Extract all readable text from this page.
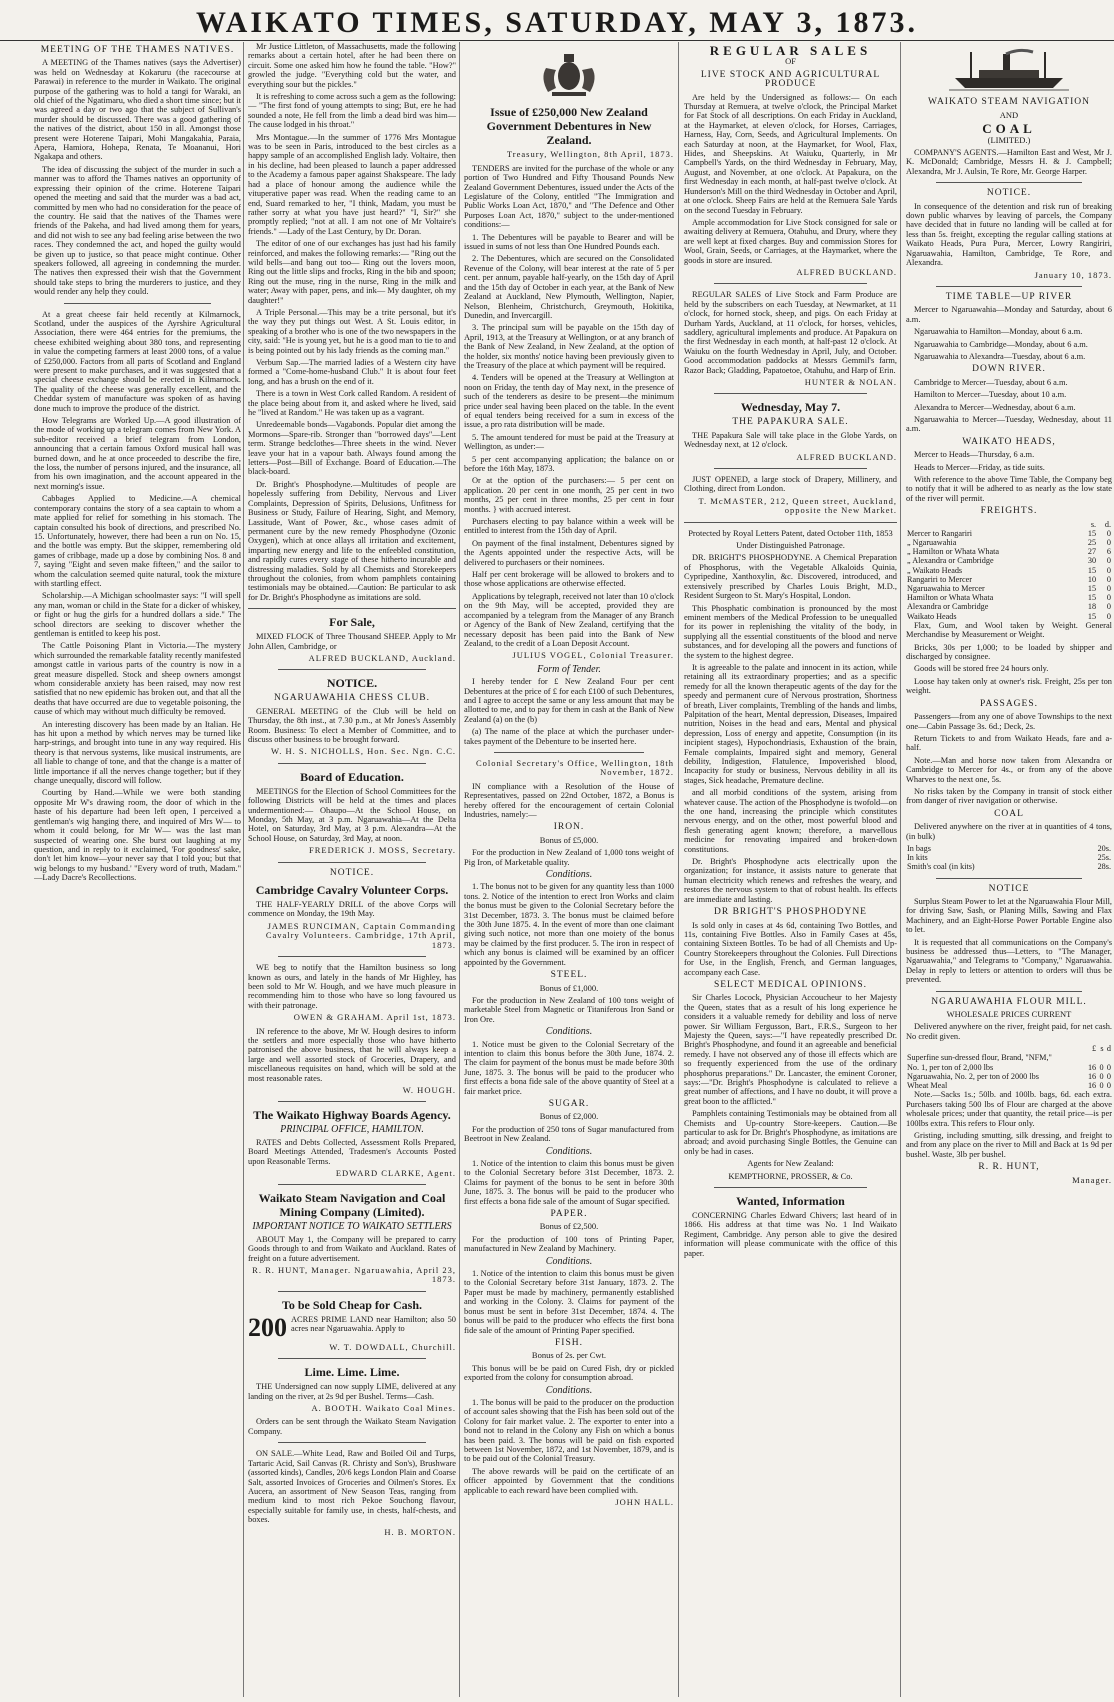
WAIKATO TIMES, SATURDAY, MAY 3, 1873.
MEETING OF THE THAMES NATIVES.

A MEETING of the Thames natives (says the Advertiser) was held on Wednesday at Kokaruru (the racecourse at Parawai) in reference to the murder in Waikato. The original purpose of the gathering was to hold a tangi for Waraki, an old chief of the Ngatimaru, who died a short time since; but it was agreed a day or two ago that the subject of Sullivan's murder should be discussed. There was a good gathering of the natives of the district, about 150 in all. Amongst those present were Hoterene Taipari, Mohi Mangakahia, Paraia, Apera, Hamiora, Hohepa, Renata, Te Moananui, Hori Ngakapa and others.

The idea of discussing the subject of the murder in such a manner was to afford the Thames natives an opportunity of expressing their opinion of the crime. Hoterene Taipari opened the meeting and said that the murder was a bad act, committed by men who had no consideration for the peace of the country. He said that the natives of the Thames were friends of the Pakeha, and had lived among them for years, and did not wish to see any bad feeling arise between the two races. They condemned the act, and hoped the guilty would be given up to justice, so that peace might continue. Other speakers followed, all agreeing in condemning the murder. The natives then expressed their wish that the Government should take steps to bring the murderers to justice, and they would render any help they could.

At a great cheese fair held recently at Kilmarnock, Scotland, under the auspices of the Ayrshire Agricultural Association, there were 464 entries for the premiums, the cheese exhibited weighing about 380 tons, and representing in value the competing farmers at least 2000 tons, of a value of £250,000. Factors from all parts of Scotland and England were present to make purchases, and it was suggested that a special cheese exchange should be erected in Kilmarnock. The quality of the cheese was generally excellent, and the Cheddar system of manufacture was spoken of as having done much to improve the produce of the district.

How Telegrams are Worked Up.—A good illustration of the mode of working up a telegram comes from New York. A sub-editor received a brief telegram from London, announcing that a certain famous Oxford musical hall was burned down, and he at once proceeded to describe the fire, the loss, the number of persons injured, and the insurance, all from his own imagination, and the account appeared in the next morning's issue.

Cabbages Applied to Medicine.—A chemical contemporary contains the story of a sea captain to whom a mate applied for relief for something in his stomach. The captain consulted his book of directions, and prescribed No. 15. Unfortunately, however, there had been a run on No. 15, and the bottle was empty. But the skipper, remembering old games of cribbage, made up a dose by combining Nos. 8 and 7, saying "Eight and seven make fifteen," and the sailor to whom the calculation seemed quite natural, took the mixture with startling effect.

Scholarship.—A Michigan schoolmaster says: "I will spell any man, woman or child in the State for a dicker of whiskey, or fight or hug the girls for a hundred dollars a side." The school directors are seeking to discover whether the gentleman is entitled to keep his post.

The Cattle Poisoning Plant in Victoria.—The mystery which surrounded the remarkable fatality recently manifested amongst cattle in various parts of the country is now in a great measure dispelled. Stock and sheep owners amongst whom considerable anxiety has been raised, may now rest satisfied that no new epidemic has broken out, and that all the deaths that have occurred are due to vegetable poisoning, the cause of which may without much difficulty be removed.

An interesting discovery has been made by an Italian. He has hit upon a method by which nerves may be turned like harp-strings, and brought into tune in any way required. His theory is that nervous systems, like musical instruments, are all liable to change of tone, and that the change is a matter of little importance if all the nerves change together; but if they change unequally, discord will follow.

Courting by Hand.—While we were both standing opposite Mr W's drawing room, the door of which in the haste of his departure had been left open, I perceived a gentleman's wig hanging there, and inquired of Mrs W— to whom it could belong, for Mr W— was the last man suspected of wearing one. She burst out laughing at my question, and in reply to it exclaimed, 'For goodness' sake, don't let him know—your never say that I told you; but that wig belongs to my husband.' "Every word of truth, Madam." —Lady Dacre's Recollections.

Mr Justice Littleton, of Massachusetts, made the following remarks about a certain hotel, after he had been there on circuit. Some one asked him how he found the table. "How?" growled the judge. "Everything cold but the water, and everything sour but the pickles."

It is refreshing to come across such a gem as the following:— "The first fond of young attempts to sing; But, ere he had sounded a note, He fell from the limb a dead bird was him— The cause lodged in his throat."

Mrs Montague.—In the summer of 1776 Mrs Montague was to be seen in Paris, introduced to the best circles as a happy sample of an accomplished English lady. Voltaire, then in his decline, had been pleased to launch a paper addressed to the Academy a famous paper against Shakspeare. The lady had a place of honour among the audience while the vituperative paper was read. When the reading came to an end, Suard remarked to her, "I think, Madam, you must be rather sorry at what you have just heard?" "I, Sir?" she promptly replied; "not at all. I am not one of Mr Voltaire's friends." —Lady of the Last Century, by Dr. Doran.

The editor of one of our exchanges has just had his family reinforced, and makes the following remarks:— "Ring out the wild bells—and bang out too— Ring out the lovers moon, Ring out the little slips and frocks, Ring in the bib and spoon; Ring out the muse, ring in the nurse, Ring in the milk and water; Away with paper, pens, and ink— My daughter, oh my daughter!"

A Triple Personal.—This may be a trite personal, but it's the way they put things out West. A St. Louis editor, in speaking of a brother who is one of the two newspapers in the city, said: "He is young yet, but he is a good man to tie to and is being pointed out by his lady friends as the coming man."

Verbum Sap.—The married ladies of a Western city have formed a "Come-home-husband Club." It is about four feet long, and has a brush on the end of it.

There is a town in West Cork called Random. A resident of the place being about from it, and asked where he lived, said he "lived at Random." He was taken up as a vagrant.

Unredeemable bonds—Vagabonds. Popular diet among the Mormons—Spare-rib. Stronger than "borrowed days"—Lent term. Strange bedclothes—Three sheets in the wind. Never leave your hat in a vapour bath. Always found among the letters—Post—Bill of Exchange. Board of Education.—The black-board.

Dr. Bright's Phosphodyne.—Multitudes of people are hopelessly suffering from Debility, Nervous and Liver Complaints, Depression of Spirits, Delusions, Unfitness for Business or Study, Failure of Hearing, Sight, and Memory, Lassitude, Want of Power, &c., whose cases admit of permanent cure by the new remedy Phosphodyne (Ozonic Oxygen), which at once allays all irritation and excitement, imparting new energy and life to the enfeebled constitution, and rapidly cures every stage of these hitherto incurable and distressing maladies. Sold by all Chemists and Storekeepers throughout the colonies, from whom pamphlets containing testimonials may be obtained.—Caution: Be particular to ask for Dr. Bright's Phosphodyne as imitations are sold.

For Sale,

MIXED FLOCK of Three Thousand SHEEP. Apply to Mr John Allen, Cambridge, or

ALFRED BUCKLAND, Auckland.
NOTICE.
NGARUAWAHIA CHESS CLUB.

GENERAL MEETING of the Club will be held on Thursday, the 8th inst., at 7.30 p.m., at Mr Jones's Assembly Room. Business: To elect a Member of Committee, and to discuss other business to be brought forward.

W. H. S. NICHOLLS, Hon. Sec. Ngn. C.C.
Board of Education.

MEETINGS for the Election of School Committees for the following Districts will be held at the times and places undermentioned:— Ohaupo—At the School House, on Monday, 5th May, at 3 p.m. Ngaruawahia—At the Delta Hotel, on Saturday, 3rd May, at 3 p.m. Alexandra—At the School House, on Saturday, 3rd May, at noon.

FREDERICK J. MOSS, Secretary.
NOTICE.
Cambridge Cavalry Volunteer Corps.

THE HALF-YEARLY DRILL of the above Corps will commence on Monday, the 19th May.

JAMES RUNCIMAN, Captain Commanding Cavalry Volunteers. Cambridge, 17th April, 1873.

WE beg to notify that the Hamilton business so long known as ours, and lately in the hands of Mr Highley, has been sold to Mr W. Hough, and we have much pleasure in recommending him to those who have so long favoured us with their patronage.

OWEN & GRAHAM. April 1st, 1873.

IN reference to the above, Mr W. Hough desires to inform the settlers and more especially those who have hitherto patronised the above business, that he will always keep a large and well assorted stock of Groceries, Drapery, and miscellaneous requisites on hand, which will be sold at the most reasonable rates.

W. HOUGH.
The Waikato Highway Boards Agency.
PRINCIPAL OFFICE, HAMILTON.

RATES and Debts Collected, Assessment Rolls Prepared, Board Meetings Attended, Tradesmen's Accounts Posted upon Reasonable Terms.

EDWARD CLARKE, Agent.
Waikato Steam Navigation and Coal Mining Company (Limited).
IMPORTANT NOTICE TO WAIKATO SETTLERS

ABOUT May 1, the Company will be prepared to carry Goods through to and from Waikato and Auckland. Rates of freight on a future advertisement.

R. R. HUNT, Manager. Ngaruawahia, April 23, 1873.
To be Sold Cheap for Cash.
200 ACRES PRIME LAND near Hamilton; also 50 acres near Ngaruawahia. Apply to
W. T. DOWDALL, Churchill.
Lime. Lime. Lime.

THE Undersigned can now supply LIME, delivered at any landing on the river, at 2s 9d per Bushel. Terms—Cash.

A. BOOTH. Waikato Coal Mines.

Orders can be sent through the Waikato Steam Navigation Company.

ON SALE.—White Lead, Raw and Boiled Oil and Turps, Tartaric Acid, Sail Canvas (R. Christy and Son's), Brushware (assorted kinds), Candles, 20/6 kegs London Plain and Coarse Salt, assorted Invoices of Groceries and Oilmen's Stores. Ex Aucera, an assortment of New Season Teas, ranging from medium kind to most rich Pekoe Souchong flavour, especially suitable for family use, in chests, half-chests, and boxes.

H. B. MORTON.
Issue of £250,000 New Zealand Government Debentures in New Zealand.
Treasury, Wellington, 8th April, 1873.

TENDERS are invited for the purchase of the whole or any portion of Two Hundred and Fifty Thousand Pounds New Zealand Government Debentures, issued under the Acts of the Legislature of the Colony, entitled "The Immigration and Public Works Loan Act, 1870," and "The Defence and Other Purposes Loan Act, 1870," subject to the under-mentioned conditions:—

1. The Debentures will be payable to Bearer and will be issued in sums of not less than One Hundred Pounds each.

2. The Debentures, which are secured on the Consolidated Revenue of the Colony, will bear interest at the rate of 5 per cent. per annum, payable half-yearly, on the 15th day of April and the 15th day of October in each year, at the Bank of New Zealand at Auckland, New Plymouth, Wellington, Napier, Nelson, Blenheim, Christchurch, Greymouth, Hokitika, Dunedin, and Invercargill.

3. The principal sum will be payable on the 15th day of April, 1913, at the Treasury at Wellington, or at any branch of the Bank of New Zealand, in New Zealand, at the option of the holder, six months' notice having been previously given to the Treasury of the place at which payment will be required.

4. Tenders will be opened at the Treasury at Wellington at noon on Friday, the tenth day of May next, in the presence of such of the tenderers as desire to be present—the minimum price under seal having been placed on the table. In the event of equal tenders being received for a sum in excess of the issue, a pro rata distribution will be made.

5. The amount tendered for must be paid at the Treasury at Wellington, as under:—

5 per cent accompanying application; the balance on or before the 16th May, 1873.

Or at the option of the purchasers:— 5 per cent on application. 20 per cent in one month, 25 per cent in two months, 25 per cent in three months, 25 per cent in four months. } with accrued interest.

Purchasers electing to pay balance within a week will be entitled to interest from the 15th day of April.

On payment of the final instalment, Debentures signed by the Agents appointed under the respective Acts, will be delivered to purchasers or their nominees.

Half per cent brokerage will be allowed to brokers and to those whose applications are otherwise effected.

Applications by telegraph, received not later than 10 o'clock on the 9th May, will be accepted, provided they are accompanied by a telegram from the Manager of any Branch or Agency of the Bank of New Zealand, certifying that the necessary deposit has been paid into the Bank of New Zealand, to the credit of a Loan Deposit Account.

JULIUS VOGEL, Colonial Treasurer.
Form of Tender.

I hereby tender for £ New Zealand Four per cent Debentures at the price of £ for each £100 of such Debentures, and I agree to accept the same or any less amount that may be allotted to me, and to pay for them in cash at the Bank of New Zealand (a) on the (b)

(a) The name of the place at which the purchaser under-takes payment of the Debenture to be inserted here.

Colonial Secretary's Office, Wellington, 18th November, 1872.

IN compliance with a Resolution of the House of Representatives, passed on 22nd October, 1872, a Bonus is hereby offered for the encouragement of certain Colonial Industries, namely:—

IRON.
Bonus of £5,000.

For the production in New Zealand of 1,000 tons weight of Pig Iron, of Marketable quality.

Conditions.

1. The bonus not to be given for any quantity less than 1000 tons. 2. Notice of the intention to erect Iron Works and claim the bonus must be given to the Colonial Secretary before the 31st December, 1873. 3. The bonus must be claimed before the 30th June 1875. 4. In the event of more than one claimant giving such notice, not more than one moiety of the bonus may be claimed by the first producer. 5. The iron in respect of which any bonus is claimed will be examined by an officer appointed by the Government.

STEEL.
Bonus of £1,000.

For the production in New Zealand of 100 tons weight of marketable Steel from Magnetic or Titaniferous Iron Sand or Iron Ore.

Conditions.

1. Notice must be given to the Colonial Secretary of the intention to claim this bonus before the 30th June, 1874. 2. The claim for payment of the bonus must be made before 30th June, 1875. 3. The bonus will be paid to the producer who first effects a bona fide sale of the above quantity of Steel at a fair market price.

SUGAR.
Bonus of £2,000.

For the production of 250 tons of Sugar manufactured from Beetroot in New Zealand.

Conditions.

1. Notice of the intention to claim this bonus must be given to the Colonial Secretary before 31st December, 1873. 2. Claims for payment of the bonus to be sent in before 30th June, 1875. 3. The bonus will be paid to the producer who first effects a bona fide sale of the amount of Sugar specified.

PAPER.
Bonus of £2,500.

For the production of 100 tons of Printing Paper, manufactured in New Zealand by Machinery.

Conditions.

1. Notice of the intention to claim this bonus must be given to the Colonial Secretary before 31st January, 1873. 2. The Paper must be made by machinery, permanently established and working in the Colony. 3. Claims for payment of the bonus must be sent in before 31st December, 1874. 4. The bonus will be paid to the producer who effects the first bona fide sale of the amount of Printing Paper specified.

FISH.
Bonus of 2s. per Cwt.

This bonus will be be paid on Cured Fish, dry or pickled exported from the colony for consumption abroad.

Conditions.

1. The bonus will be paid to the producer on the production of account sales showing that the Fish has been sold out of the Colony for fair market value. 2. The exporter to enter into a bond not to reland in the Colony any Fish on which a bonus has been paid. 3. The bonus will be paid on fish exported between 1st November, 1872, and 1st November, 1879, and is to be paid out of the Colonial Treasury.

The above rewards will be paid on the certificate of an officer appointed by Government that the conditions applicable to each reward have been complied with.

JOHN HALL.
REGULAR SALES
OF
LIVE STOCK AND AGRICULTURAL PRODUCE

Are held by the Undersigned as follows:— On each Thursday at Remuera, at twelve o'clock, the Principal Market for Fat Stock of all descriptions. On each Friday in Auckland, at the Haymarket, at eleven o'clock, for Horses, Carriages, Harness, Hay, Corn, Seeds, and Agricultural Implements. On each Saturday at noon, at the Haymarket, for Wool, Flax, Hides, and Sheepskins. At Waiuku, Quarterly, in Mr Campbell's Yards, on the third Wednesday in February, May, August, and November, at one o'clock. At Papakura, on the first Wednesday in each month, at half-past twelve o'clock. At Hunderson's Mill on the third Wednesday in October and April, at one o'clock. Sheep Fairs are held at the Remuera Sale Yards on the second Tuesday in February.

Ample accommodation for Live Stock consigned for sale or awaiting delivery at Remuera, Otahuhu, and Drury, where they are well kept at fixed charges. Buy and commission Stores for Wool, Grain, Seeds, or Carriages, at the Haymarket, where the goods in store are insured.

ALFRED BUCKLAND.

REGULAR SALES of Live Stock and Farm Produce are held by the subscribers on each Tuesday, at Newmarket, at 11 o'clock, for horned stock, sheep, and pigs. On each Friday at Durham Yards, Auckland, at 11 o'clock, for horses, vehicles, saddlery, agricultural implements and produce. At Papakura on the first Wednesday in each month, at half-past 12 o'clock. At Waiuku on the fourth Wednesday in April, July, and October. Good accommodation paddocks at Messrs Gemmil's farm, Razor Back; Gladding, Papatoetoe, Otahuhu, and Harp of Erin.

HUNTER & NOLAN.
Wednesday, May 7.
THE PAPAKURA SALE.

THE Papakura Sale will take place in the Globe Yards, on Wednesday next, at 12 o'clock.

ALFRED BUCKLAND.

JUST OPENED, a large stock of Drapery, Millinery, and Clothing, direct from London.

T. McMASTER, 212, Queen street, Auckland, opposite the New Market.
Protected by Royal Letters Patent, dated October 11th, 1853
Under Distinguished Patronage.

DR. BRIGHT'S PHOSPHODYNE. A Chemical Preparation of Phosphorus, with the Vegetable Alkaloids Quinia, Cypripedine, Xanthoxylin, &c. Discovered, introduced, and extensively prescribed by Charles Louis Bright, M.D., Resident Surgeon to St. Mary's Hospital, London.

This Phosphatic combination is pronounced by the most eminent members of the Medical Profession to be unequalled for its power in replenishing the vitality of the body, in supplying all the essential constituents of the blood and nerve substances, and for developing all the powers and functions of the system to the highest degree.

It is agreeable to the palate and innocent in its action, while retaining all its extraordinary properties; and as a specific remedy for all the known therapeutic agents of the day for the speedy and permanent cure of Nervous prostration, Shortness of breath, Liver complaints, Trembling of the hands and limbs, Palpitation of the heart, Mental depression, Diseases, Impaired nutrition, Noises in the head and ears, Mental and physical depression, Loss of energy and appetite, Consumption (in its incipient stages), Hypochondriasis, Exhaustion of the brain, Female complaints, Impaired sight and memory, General debility, Indigestion, Flatulence, Impoverished blood, Incapacity for study or business, Nervous debility in all its stages, Sick headache, Premature decline.

and all morbid conditions of the system, arising from whatever cause. The action of the Phosphodyne is twofold—on the one hand, increasing the principle which constitutes nervous energy, and on the other, most powerful blood and flesh generating agent known; therefore, a marvellous medicine for renovating impaired and broken-down constitutions.

Dr. Bright's Phosphodyne acts electrically upon the organization; for instance, it assists nature to generate that human electricity which renews and refreshes the weary, and restores the nervous system to that of robust health. Its effects are immediate and lasting.

DR BRIGHT'S PHOSPHODYNE

Is sold only in cases at 4s 6d, containing Two Bottles, and 11s, containing Five Bottles. Also in Family Cases at 45s, containing Sixteen Bottles. To be had of all Chemists and Up-Country Storekeepers throughout the Colonies. Full Directions for Use, in the English, French, and German languages, accompany each Case.

SELECT MEDICAL OPINIONS.

Sir Charles Locock, Physician Accoucheur to her Majesty the Queen, states that as a result of his long experience he considers it a valuable remedy for debility and loss of nerve power. Sir William Fergusson, Bart., F.R.S., Surgeon to her Majesty the Queen, says:—"I have repeatedly prescribed Dr. Bright's Phosphodyne, and found it an agreeable and beneficial remedy. I have not observed any of those ill effects which are so frequently experienced from the use of the ordinary phosphorus preparations." Dr. Lancaster, the eminent Coroner, says:—"Dr. Bright's Phosphodyne is calculated to relieve a great number of affections, and I have no doubt, it will prove a great boon to the afflicted."

Pamphlets containing Testimonials may be obtained from all Chemists and Up-country Store-keepers. Caution.—Be particular to ask for Dr. Bright's Phosphodyne, as imitations are abroad; and avoid purchasing Single Bottles, the Genuine can only be had in cases.

Agents for New Zealand:
KEMPTHORNE, PROSSER, & Co.
Wanted, Information

CONCERNING Charles Edward Chivers; last heard of in 1866. His address at that time was No. 1 Ind Waikato Regiment, Cambridge. Any person able to give the desired information will please communicate with the office of this paper.

WAIKATO STEAM NAVIGATION
AND
COAL
(LIMITED.)

COMPANY'S AGENTS.—Hamilton East and West, Mr J. K. McDonald; Cambridge, Messrs H. & J. Campbell; Alexandra, Mr J. Aulsin, Te Rore, Mr. George Harper.

NOTICE.

In consequence of the detention and risk run of breaking down public wharves by leaving of parcels, the Company have decided that in future no landing will be called at for less than 5s. freight, excepting the regular calling stations at Waikato Heads, Pura Pura, Mercer, Lowry Rangiriri, Ngaruawahia, Hamilton, Cambridge, Te Rore, and Alexandra.

January 10, 1873.
TIME TABLE—UP RIVER

Mercer to Ngaruawahia—Monday and Saturday, about 6 a.m.

Ngaruawahia to Hamilton—Monday, about 6 a.m.

Ngaruawahia to Cambridge—Monday, about 6 a.m.

Ngaruawahia to Alexandra—Tuesday, about 6 a.m.

DOWN RIVER.

Cambridge to Mercer—Tuesday, about 6 a.m.

Hamilton to Mercer—Tuesday, about 10 a.m.

Alexandra to Mercer—Wednesday, about 6 a.m.

Ngaruawahia to Mercer—Tuesday, Wednesday, about 11 a.m.

WAIKATO HEADS,

Mercer to Heads—Thursday, 6 a.m.

Heads to Mercer—Friday, as tide suits.

With reference to the above Time Table, the Company beg to notify that it will be adhered to as nearly as the low state of the river will permit.

FREIGHTS.
	s.	d.
Mercer to Rangariri	15	0
„ Ngaruawahia	25	0
„ Hamilton or Whata Whata	27	6
„ Alexandra or Cambridge	30	0
„ Waikato Heads	15	0
Rangariri to Mercer	10	0
Ngaruawahia to Mercer	15	0
Hamilton or Whata Whata	15	0
Alexandra or Cambridge	18	0
Waikato Heads	15	0

Flax, Gum, and Wool taken by Weight. General Merchandise by Measurement or Weight.

Bricks, 30s per 1,000; to be loaded by shipper and discharged by consignee.

Goods will be stored free 24 hours only.

Loose hay taken only at owner's risk. Freight, 25s per ton weight.

PASSAGES.

Passengers—from any one of above Townships to the next one—Cabin Passage 3s. 6d.; Deck, 2s.

Return Tickets to and from Waikato Heads, fare and a-half.

Note.—Man and horse now taken from Alexandra or Cambridge to Mercer for 4s., or from any of the above Wharves to the next one, 5s.

No risks taken by the Company in transit of stock either from danger of river navigation or otherwise.

COAL

Delivered anywhere on the river at in quantities of 4 tons, (in bulk)

In bags	20s.
In kits	25s.
Smith's coal (in kits)	28s.
NOTICE

Surplus Steam Power to let at the Ngaruawahia Flour Mill, for driving Saw, Sash, or Planing Mills, Sawing and Flax Machinery, and an Eight-Horse Power Portable Engine also to let.

It is requested that all communications on the Company's business be addressed thus—Letters, to "The Manager, Ngaruawahia," and Telegrams to "Company," Ngaruawahia. Delay in reply to letters or attention to orders will thus be prevented.

NGARUAWAHIA FLOUR MILL.
WHOLESALE PRICES CURRENT

Delivered anywhere on the river, freight paid, for net cash. No credit given.

	£	s	d
Superfine sun-dressed flour, Brand, "NFM,"			
No. 1, per ton of 2,000 lbs	16	0	0
Ngaruawahia, No. 2, per ton of 2000 lbs	16	0	0
Wheat Meal	16	0	0

Note.—Sacks 1s.; 50lb. and 100lb. bags, 6d. each extra. Purchasers taking 500 lbs of Flour are charged at the above wholesale prices; under that quantity, the retail price—is per 100lbs extra. This refers to Flour only.

Gristing, including smutting, silk dressing, and freight to and from any place on the river to Mill and Back at 1s 9d per bushel. Waste, 3lb per bushel.

R. R. HUNT,
Manager.
